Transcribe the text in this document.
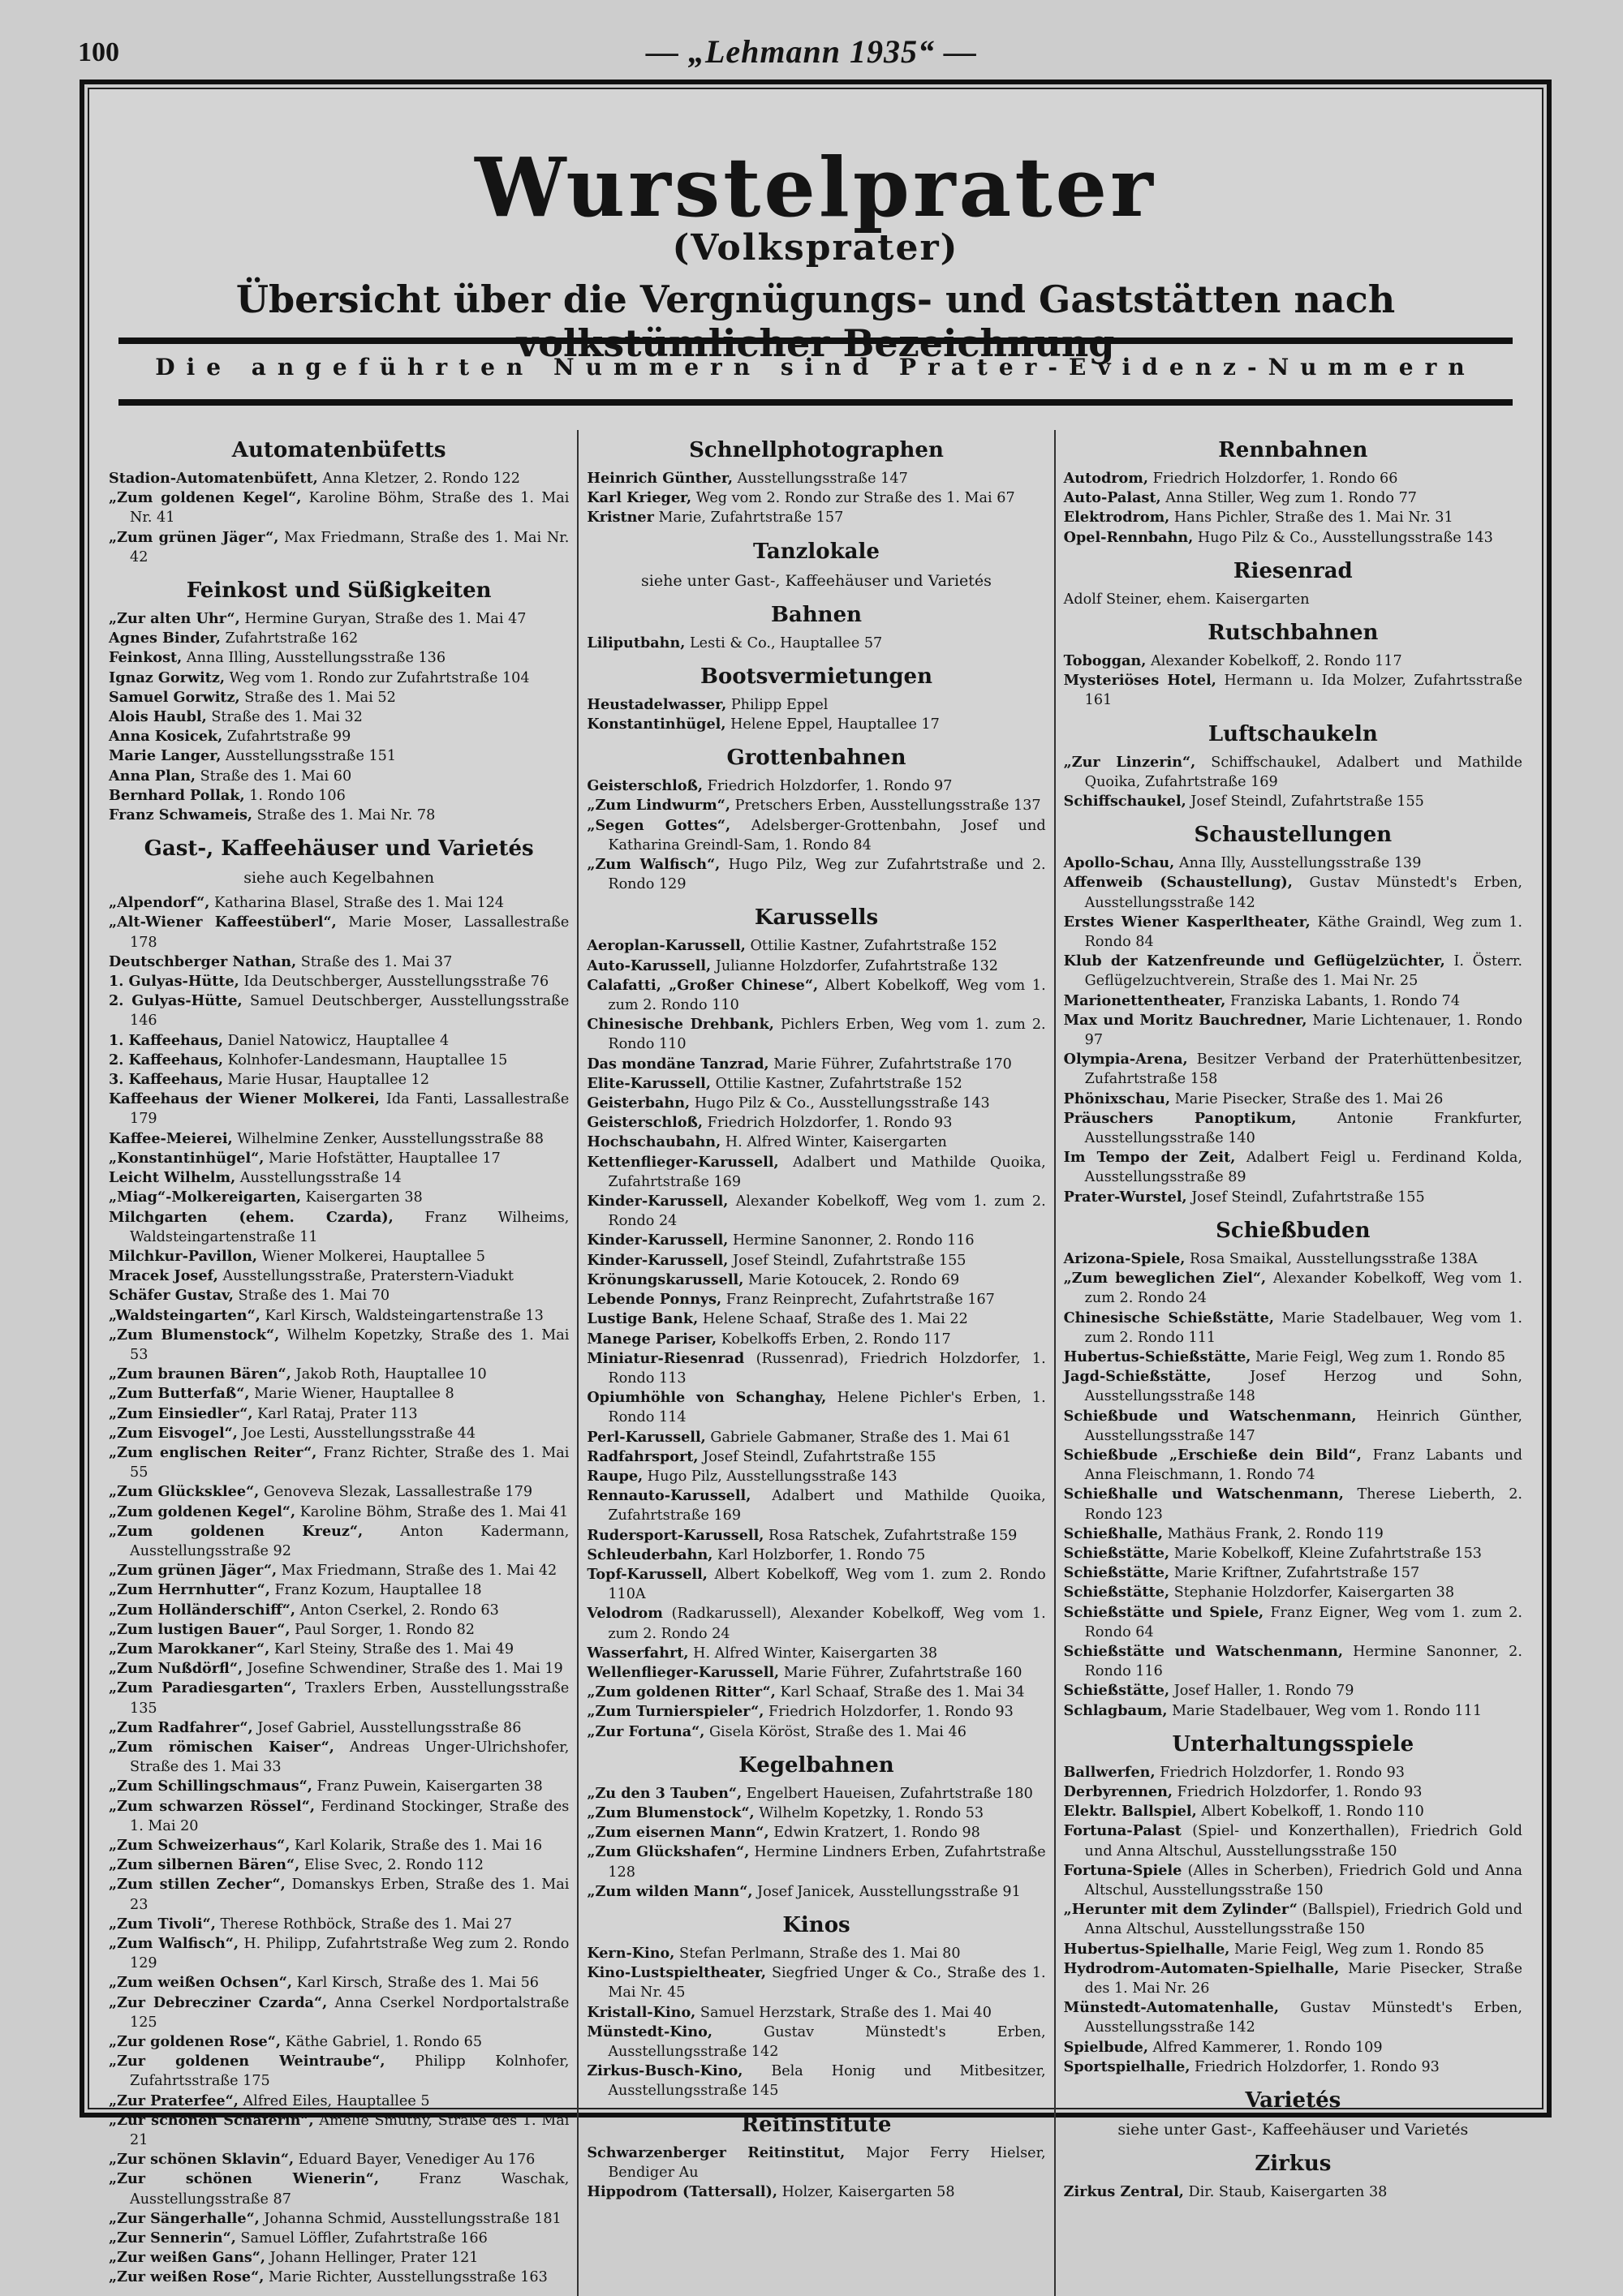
100	— „Lehmann 1935“ —
Wurstelprater
(Volksprater)
Übersicht über die Vergnügungs- und Gaststätten nach
Die angeführten Nummern sind Prater-Evidenz-Nummern
Automatenbüfetts
Stadion-Automatenbüfett, Anna Kletzer, 2. Rondo 122
„Zum goldenen Kegel“, Karoline Böhm, Straße des 1. Mai Nr. 41
„Zum grünen Jäger“, Max Friedmann, Straße des 1. Mai Nr. 42
Feinkost und Süßigkeiten
„Zur alten Uhr“, Hermine Guryan, Straße des 1. Mai 47
Agnes Binder, Zufahrtstraße 162
Feinkost, Anna Illing, Ausstellungsstraße 136
Ignaz Gorwitz, Weg vom 1. Rondo zur Zufahrtstraße 104
Samuel Gorwitz, Straße des 1. Mai 52
Alois Haubl, Straße des 1. Mai 32
Anna Kosicek, Zufahrtstraße 99
Marie Langer, Ausstellungsstraße 151
Anna Plan, Straße des 1. Mai 60
Bernhard Pollak, 1. Rondo 106
Franz Schwameis, Straße des 1. Mai Nr. 78
Gast-, Kaffeehäuser und Varietés
siehe auch Kegelbahnen
„Alpendorf“, Katharina Blasel, Straße des 1. Mai 124
„Alt-Wiener Kaffeestüberl“, Marie Moser, Lassallestraße 178
Deutschberger Nathan, Straße des 1. Mai 37
1. Gulyas-Hütte, Ida Deutschberger, Ausstellungsstraße 76
2. Gulyas-Hütte, Samuel Deutschberger, Ausstellungsstraße 146
1. Kaffeehaus, Daniel Natowicz, Hauptallee 4
2. Kaffeehaus, Kolnhofer-Landesmann, Hauptallee 15
3. Kaffeehaus, Marie Husar, Hauptallee 12
Kaffeehaus der Wiener Molkerei, Ida Fanti, Lassallestraße 179
Kaffee-Meierei, Wilhelmine Zenker, Ausstellungsstraße 88
„Konstantinhügel“, Marie Hofstätter, Hauptallee 17
Leicht Wilhelm, Ausstellungsstraße 14
„Miag“-Molkereigarten, Kaisergarten 38
Milchgarten (ehem. Czarda), Franz Wilheims, Waldsteingartenstraße 11
Milchkur-Pavillon, Wiener Molkerei, Hauptallee 5
Mracek Josef, Ausstellungsstraße, Praterstern-Viadukt
Schäfer Gustav, Straße des 1. Mai 70
„Waldsteingarten“, Karl Kirsch, Waldsteingartenstraße 13
„Zum Blumenstock“, Wilhelm Kopetzky, Straße des 1. Mai 53
„Zum braunen Bären“, Jakob Roth, Hauptallee 10
„Zum Butterfaß“, Marie Wiener, Hauptallee 8
„Zum Einsiedler“, Karl Rataj, Prater 113
„Zum Eisvogel“, Joe Lesti, Ausstellungsstraße 44
„Zum englischen Reiter“, Franz Richter, Straße des 1. Mai 55
„Zum Glücksklee“, Genoveva Slezak, Lassallestraße 179
„Zum goldenen Kegel“, Karoline Böhm, Straße des 1. Mai 41
„Zum goldenen Kreuz“,	Anton Kadermann, Ausstellungsstraße 92
„Zum grünen Jäger“, Max Friedmann, Straße des 1. Mai 42
„Zum Herrnhutter“, Franz Kozum, Hauptallee 18
„Zum Holländerschiff“, Anton Cserkel, 2. Rondo 63
„Zum lustigen Bauer“, Paul Sorger, 1. Rondo 82
„Zum Marokkaner“, Karl Steiny, Straße des 1. Mai 49
„Zum Nußdörfl“, Josefine Schwendiner, Straße des 1. Mai 19
„Zum Paradiesgarten“, Traxlers Erben, Ausstellungsstraße 135
„Zum Radfahrer“, Josef Gabriel, Ausstellungsstraße 86
„Zum römischen Kaiser“, Andreas Unger-Ulrichshofer, Straße des 1. Mai 33
„Zum Schillingschmaus“, Franz Puwein, Kaisergarten 38
„Zum schwarzen Rössel“, Ferdinand Stockinger, Straße des 1. Mai 20
„Zum Schweizerhaus“, Karl Kolarik, Straße des 1. Mai 16
„Zum silbernen Bären“, Elise Svec, 2. Rondo 112
„Zum stillen Zecher“, Domanskys Erben, Straße des 1. Mai 23
„Zum Tivoli“, Therese Rothböck, Straße des 1. Mai 27
„Zum Walfisch“, H. Philipp, Zufahrtstraße Weg zum 2. Rondo 129
„Zum weißen Ochsen“, Karl Kirsch, Straße des 1. Mai 56
„Zur Debrecziner Czarda“, Anna Cserkel Nordportalstraße 125
„Zur goldenen Rose“, Käthe Gabriel, 1. Rondo 65
„Zur goldenen Weintraube“, Philipp Kolnhofer, Zufahrtsstraße 175
„Zur Praterfee“, Alfred Eiles, Hauptallee 5
„Zur schönen Schäferin“, Amelie Smutny, Straße des 1. Mai 21
„Zur schönen Sklavin“, Eduard Bayer, Venediger Au 176
„Zur schönen Wienerin“,	Franz Waschak, Ausstellungsstraße 87
„Zur Sängerhalle“, Johanna Schmid, Ausstellungsstraße 181
„Zur Sennerin“, Samuel Löffler, Zufahrtstraße 166
„Zur weißen Gans“, Johann Hellinger, Prater 121
„Zur weißen Rose“, Marie Richter, Ausstellungsstraße 163
Schnellphotographen
Heinrich Günther, Ausstellungsstraße 147
Karl Krieger, Weg vom 2. Rondo zur Straße des 1. Mai 67
Kristner Marie, Zufahrtstraße 157
Tanzlokale
siehe unter Gast-, Kaffeehäuser und Varietés
Bahnen
Liliputbahn, Lesti & Co., Hauptallee 57
Bootsvermietungen
Heustadelwasser, Philipp Eppel
Konstantinhügel, Helene Eppel, Hauptallee 17
Grottenbahnen
Geisterschloß, Friedrich Holzdorfer, 1. Rondo 97
„Zum Lindwurm“, Pretschers Erben, Ausstellungsstraße 137
„Segen Gottes“, Adelsberger-Grottenbahn, Josef und Katharina Greindl-Sam, 1. Rondo 84
„Zum Walfisch“, Hugo Pilz, Weg zur Zufahrtstraße und 2. Rondo 129
Karussells
Aeroplan-Karussell, Ottilie Kastner, Zufahrtstraße 152
Auto-Karussell, Julianne Holzdorfer, Zufahrtstraße 132
Calafatti, „Großer Chinese“, Albert Kobelkoff, Weg vom 1. zum 2. Rondo 110
Chinesische Drehbank, Pichlers Erben, Weg vom 1. zum 2. Rondo 110
Das mondäne Tanzrad, Marie Führer, Zufahrtstraße 170
Elite-Karussell, Ottilie Kastner, Zufahrtstraße 152
Geisterbahn, Hugo Pilz & Co., Ausstellungsstraße 143
Geisterschloß, Friedrich Holzdorfer, 1. Rondo 93
Hochschaubahn, H. Alfred Winter, Kaisergarten
Kettenflieger-Karussell, Adalbert und Mathilde Quoika, Zufahrtstraße 169
Kinder-Karussell, Alexander Kobelkoff, Weg vom 1. zum 2. Rondo 24
Kinder-Karussell, Hermine Sanonner, 2. Rondo 116
Kinder-Karussell, Josef Steindl, Zufahrtstraße 155
Krönungskarussell, Marie Kotoucek, 2. Rondo 69
Lebende Ponnys, Franz Reinprecht, Zufahrtstraße 167
Lustige Bank, Helene Schaaf, Straße des 1. Mai 22
Manege Pariser, Kobelkoffs Erben, 2. Rondo 117
Miniatur-Riesenrad (Russenrad), Friedrich Holzdorfer, 1. Rondo 113
Opiumhöhle von Schanghay, Helene Pichler's Erben, 1. Rondo 114
Perl-Karussell, Gabriele Gabmaner, Straße des 1. Mai 61
Radfahrsport, Josef Steindl, Zufahrtstraße 155
Raupe, Hugo Pilz, Ausstellungsstraße 143
Rennauto-Karussell, Adalbert und Mathilde Quoika, Zufahrtstraße 169
Rudersport-Karussell, Rosa Ratschek, Zufahrtstraße 159
Schleuderbahn, Karl Holzborfer, 1. Rondo 75
Topf-Karussell, Albert Kobelkoff, Weg vom 1. zum 2. Rondo 110A
Velodrom (Radkarussell), Alexander Kobelkoff, Weg vom 1. zum 2. Rondo 24
Wasserfahrt, H. Alfred Winter, Kaisergarten 38
Wellenflieger-Karussell, Marie Führer, Zufahrtstraße 160
„Zum goldenen Ritter“, Karl Schaaf, Straße des 1. Mai 34
„Zum Turnierspieler“, Friedrich Holzdorfer, 1. Rondo 93
„Zur Fortuna“, Gisela Köröst, Straße des 1. Mai 46
Kegelbahnen
„Zu den 3 Tauben“, Engelbert Haueisen, Zufahrtstraße 180
„Zum Blumenstock“, Wilhelm Kopetzky, 1. Rondo 53
„Zum eisernen Mann“, Edwin Kratzert, 1. Rondo 98
„Zum Glückshafen“, Hermine Lindners Erben, Zufahrtstraße 128
„Zum wilden Mann“, Josef Janicek, Ausstellungsstraße 91
Kinos
Kern-Kino, Stefan Perlmann, Straße des 1. Mai 80
Kino-Lustspieltheater, Siegfried Unger & Co., Straße des 1. Mai Nr. 45
Kristall-Kino, Samuel Herzstark, Straße des 1. Mai 40
Münstedt-Kino,	Gustav Münstedt's Erben, Ausstellungsstraße 142
Zirkus-Busch-Kino, Bela Honig und Mitbesitzer, Ausstellungsstraße 145
Reitinstitute
Schwarzenberger Reitinstitut, Major Ferry Hielser, Bendiger Au
Hippodrom (Tattersall), Holzer, Kaisergarten 58
Rennbahnen
Autodrom, Friedrich Holzdorfer, 1. Rondo 66
Auto-Palast, Anna Stiller, Weg zum 1. Rondo 77
Elektrodrom, Hans Pichler, Straße des 1. Mai Nr. 31
Opel-Rennbahn, Hugo Pilz & Co., Ausstellungsstraße 143
Riesenrad
Adolf Steiner, ehem. Kaisergarten
Rutschbahnen
Toboggan, Alexander Kobelkoff, 2. Rondo 117
Mysteriöses Hotel, Hermann u. Ida Molzer, Zufahrtsstraße 161
Luftschaukeln
„Zur Linzerin“, Schiffschaukel, Adalbert und Mathilde Quoika, Zufahrtstraße 169
Schiffschaukel, Josef Steindl, Zufahrtstraße 155
Schaustellungen
Apollo-Schau, Anna Illy, Ausstellungsstraße 139
Affenweib (Schaustellung), Gustav Münstedt's Erben, Ausstellungsstraße 142
Erstes Wiener Kasperltheater, Käthe Graindl, Weg zum 1. Rondo 84
Klub der Katzenfreunde und Geflügelzüchter, I. Österr. Geflügelzuchtverein, Straße des 1. Mai Nr. 25
Marionettentheater, Franziska Labants, 1. Rondo 74
Max und Moritz Bauchredner, Marie Lichtenauer, 1. Rondo 97
Olympia-Arena, Besitzer Verband der Praterhüttenbesitzer, Zufahrtstraße 158
Phönixschau, Marie Pisecker, Straße des 1. Mai 26
Präuschers Panoptikum,	Antonie Frankfurter, Ausstellungsstraße 140
Im Tempo der Zeit, Adalbert Feigl u. Ferdinand Kolda, Ausstellungsstraße 89
Prater-Wurstel, Josef Steindl, Zufahrtstraße 155
Schießbuden
Arizona-Spiele, Rosa Smaikal, Ausstellungsstraße 138A
„Zum beweglichen Ziel“, Alexander Kobelkoff, Weg vom 1. zum 2. Rondo 24
Chinesische Schießstätte, Marie Stadelbauer, Weg vom 1. zum 2. Rondo 111
Hubertus-Schießstätte, Marie Feigl, Weg zum 1. Rondo 85
Jagd-Schießstätte,	Josef Herzog und Sohn, Ausstellungsstraße 148
Schießbude und Watschenmann, Heinrich Günther, Ausstellungsstraße 147
Schießbude „Erschieße dein Bild“, Franz Labants und Anna Fleischmann, 1. Rondo 74
Schießhalle und Watschenmann, Therese Lieberth, 2. Rondo 123
Schießhalle, Mathäus Frank, 2. Rondo 119
Schießstätte, Marie Kobelkoff, Kleine Zufahrtstraße 153
Schießstätte, Marie Kriftner, Zufahrtstraße 157
Schießstätte, Stephanie Holzdorfer, Kaisergarten 38
Schießstätte und Spiele, Franz Eigner, Weg vom 1. zum 2. Rondo 64
Schießstätte und Watschenmann, Hermine Sanonner, 2. Rondo 116
Schießstätte, Josef Haller, 1. Rondo 79
Schlagbaum, Marie Stadelbauer, Weg vom 1. Rondo 111
Unterhaltungsspiele
Ballwerfen, Friedrich Holzdorfer, 1. Rondo 93
Derbyrennen, Friedrich Holzdorfer, 1. Rondo 93
Elektr. Ballspiel, Albert Kobelkoff, 1. Rondo 110
Fortuna-Palast (Spiel- und Konzerthallen), Friedrich Gold und Anna Altschul, Ausstellungsstraße 150
Fortuna-Spiele (Alles in Scherben), Friedrich Gold und Anna Altschul, Ausstellungsstraße 150
„Herunter mit dem Zylinder“ (Ballspiel), Friedrich Gold und Anna Altschul, Ausstellungsstraße 150
Hubertus-Spielhalle, Marie Feigl, Weg zum 1. Rondo 85
Hydrodrom-Automaten-Spielhalle, Marie Pisecker, Straße des 1. Mai Nr. 26
Münstedt-Automatenhalle, Gustav Münstedt's Erben, Ausstellungsstraße 142
Spielbude, Alfred Kammerer, 1. Rondo 109
Sportspielhalle, Friedrich Holzdorfer, 1. Rondo 93
Varietés
siehe unter Gast-, Kaffeehäuser und Varietés
Zirkus
Zirkus Zentral, Dir. Staub, Kaisergarten 38
